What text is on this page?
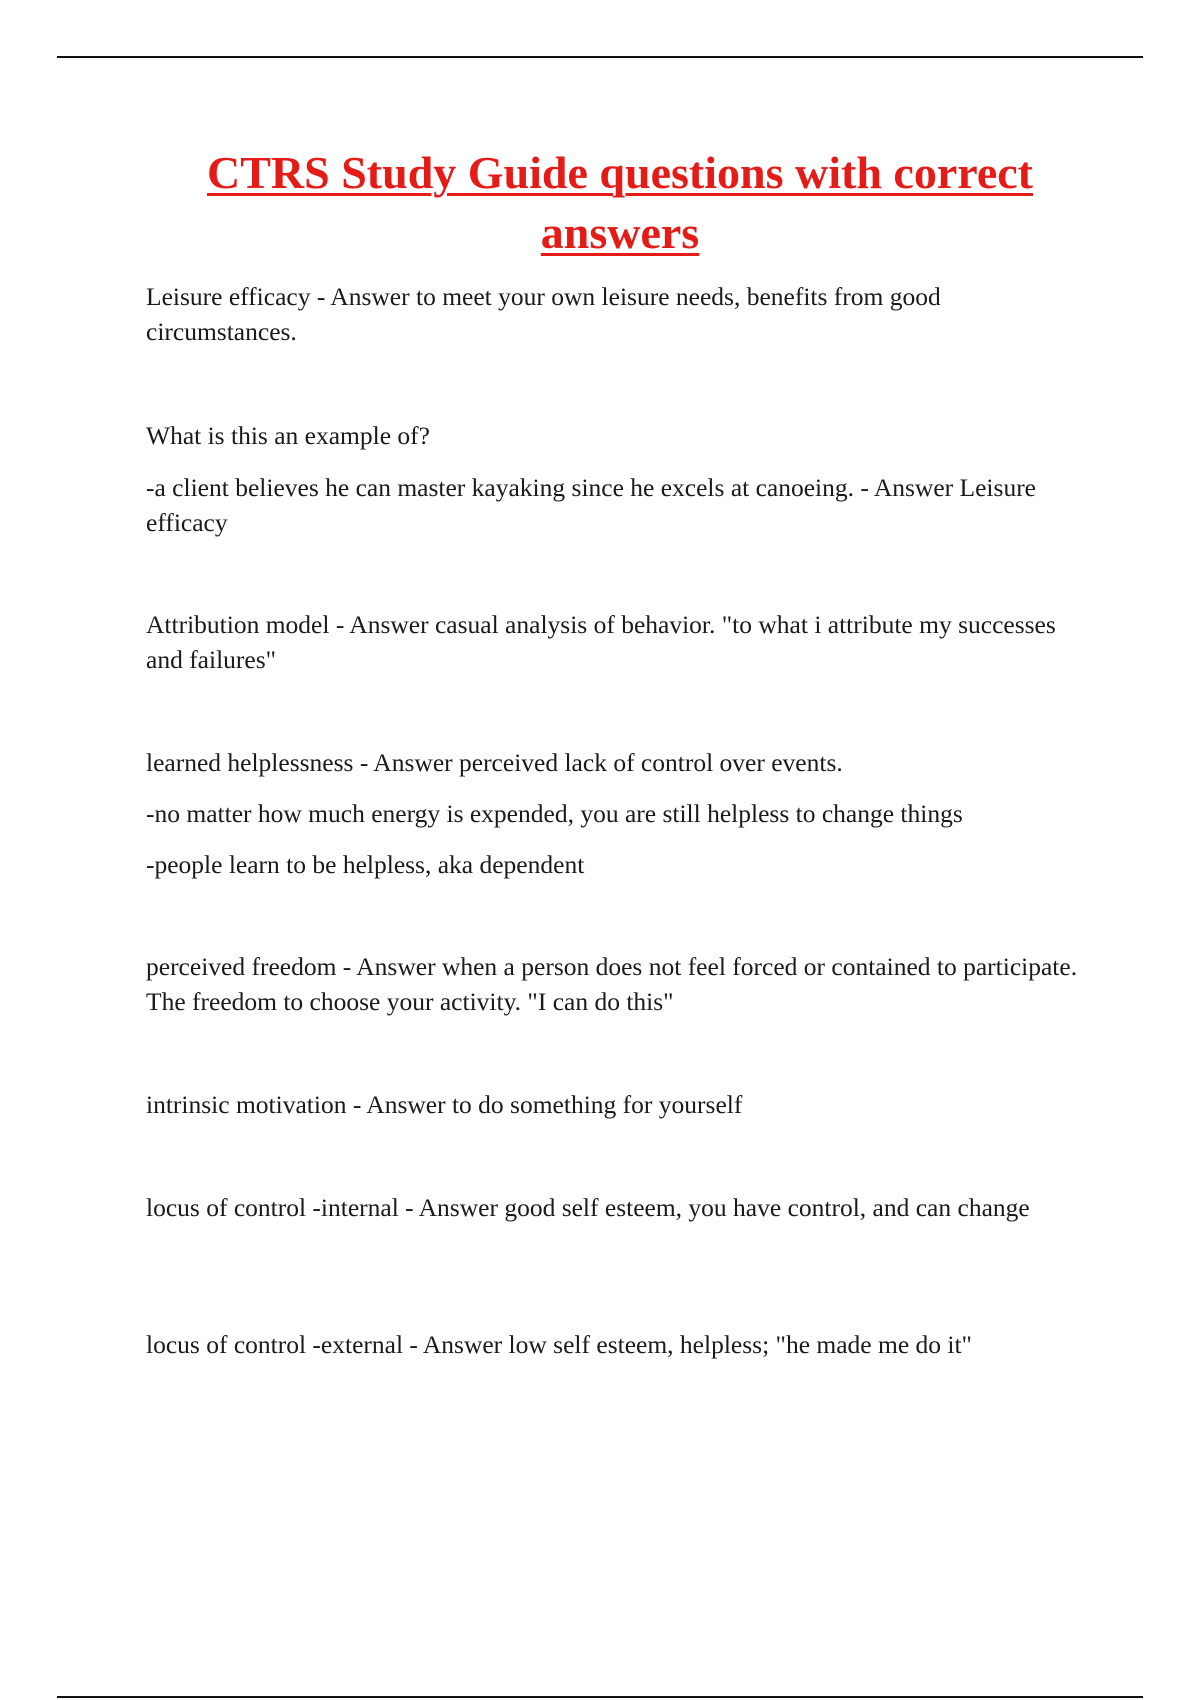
CTRS Study Guide questions with correct answers

Leisure efficacy - Answer to meet your own leisure needs, benefits from good circumstances.

What is this an example of?

-a client believes he can master kayaking since he excels at canoeing. - Answer Leisure efficacy

Attribution model - Answer casual analysis of behavior. "to what i attribute my successes and failures"

learned helplessness - Answer perceived lack of control over events.

-no matter how much energy is expended, you are still helpless to change things

-people learn to be helpless, aka dependent

perceived freedom - Answer when a person does not feel forced or contained to participate. The freedom to choose your activity. "I can do this"

intrinsic motivation - Answer to do something for yourself

locus of control -internal - Answer good self esteem, you have control, and can change

locus of control -external - Answer low self esteem, helpless; "he made me do it"
